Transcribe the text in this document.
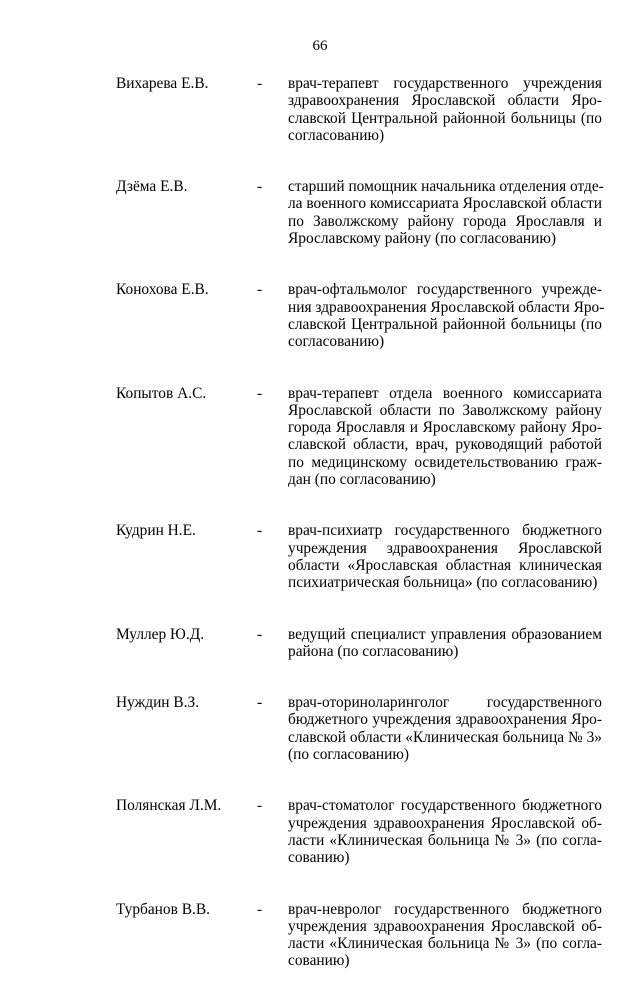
66
Вихарева Е.В.	- врач-терапевт государственного учреждения
здравоохранения Ярославской области Яро-
славской Центральной районной больницы (по
согласованию)
Дзёма Е.В.	- старший помощник начальника отделения отде-
ла военного комиссариата Ярославской области
по Заволжскому району города Ярославля и
Ярославскому району (по согласованию)
Конохова Е.В.	- врач-офтальмолог государственного учрежде-
ния здравоохранения Ярославской области Яро-
славской Центральной районной больницы (по
согласованию)
Копытов А.С.	- врач-терапевт отдела военного комиссариата
Ярославской области по Заволжскому району
города Ярославля и Ярославскому району Яро-
славской области, врач, руководящий работой
по медицинскому освидетельствованию граж-
дан (по согласованию)
Кудрин Н.Е.	- врач-психиатр государственного бюджетного
учреждения здравоохранения Ярославской
области «Ярославская областная клиническая
психиатрическая больница» (по согласованию)
Муллер Ю.Д.	- ведущий специалист управления образованием
района (по согласованию)
Нуждин В.З.	- врач-оториноларинголог государственного
бюджетного учреждения здравоохранения Яро-
славской области «Клиническая больница № 3»
(по согласованию)
Полянская Л.М. - врач-стоматолог государственного бюджетного
учреждения здравоохранения Ярославской об-
ласти «Клиническая больница № 3» (по согла-
сованию)
Турбанов В.В.	- врач-невролог государственного бюджетного
учреждения здравоохранения Ярославской об-
ласти «Клиническая больница № 3» (по согла-
сованию)
